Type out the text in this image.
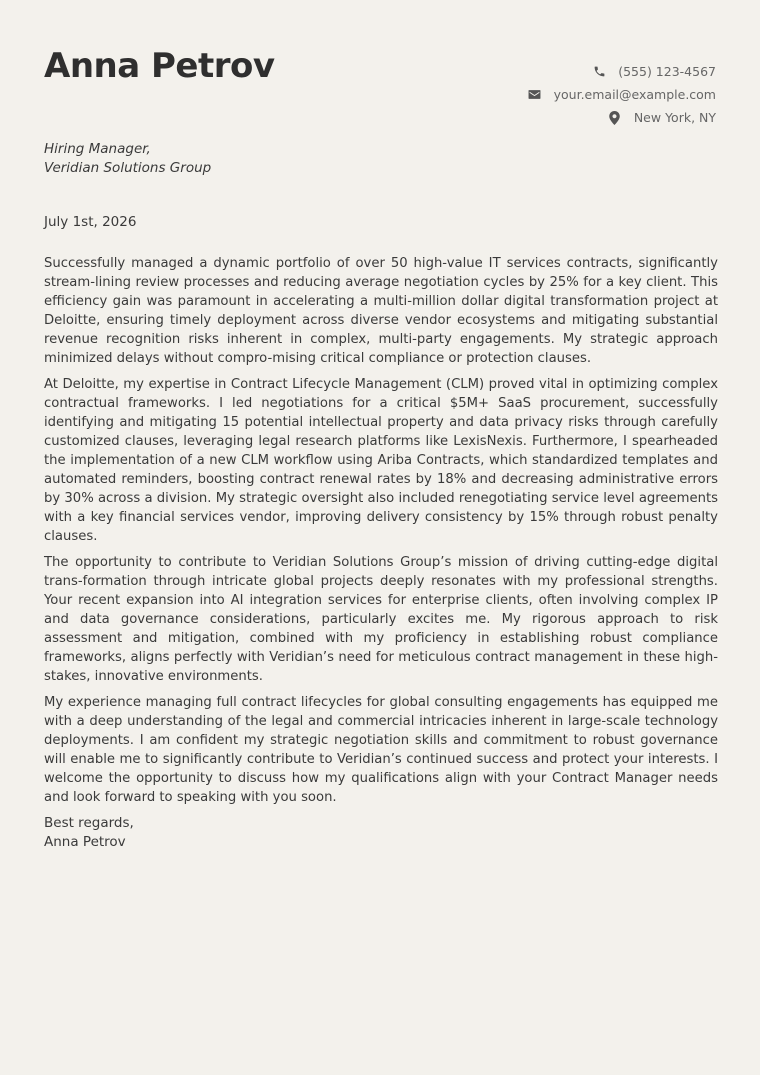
Anna Petrov	(555) 123-4567
your.email@example.com
New York, NY
Hiring Manager,
Veridian Solutions Group
July 1st, 2026

Successfully managed a dynamic portfolio of over 50 high-value IT services contracts, significantly stream-lining review processes and reducing average negotiation cycles by 25% for a key client. This efficiency gain was paramount in accelerating a multi-million dollar digital transformation project at Deloitte, ensuring timely deployment across diverse vendor ecosystems and mitigating substantial revenue recognition risks inherent in complex, multi-party engagements. My strategic approach minimized delays without compro-mising critical compliance or protection clauses.

At Deloitte, my expertise in Contract Lifecycle Management (CLM) proved vital in optimizing complex contractual frameworks. I led negotiations for a critical $5M+ SaaS procurement, successfully identifying and mitigating 15 potential intellectual property and data privacy risks through carefully customized clauses, leveraging legal research platforms like LexisNexis. Furthermore, I spearheaded the implementation of a new CLM workflow using Ariba Contracts, which standardized templates and automated reminders, boosting contract renewal rates by 18% and decreasing administrative errors by 30% across a division. My strategic oversight also included renegotiating service level agreements with a key financial services vendor, improving delivery consistency by 15% through robust penalty clauses.

The opportunity to contribute to Veridian Solutions Group’s mission of driving cutting-edge digital trans-formation through intricate global projects deeply resonates with my professional strengths. Your recent expansion into AI integration services for enterprise clients, often involving complex IP and data governance considerations, particularly excites me. My rigorous approach to risk assessment and mitigation, combined with my proficiency in establishing robust compliance frameworks, aligns perfectly with Veridian’s need for meticulous contract management in these high-stakes, innovative environments.

My experience managing full contract lifecycles for global consulting engagements has equipped me with a deep understanding of the legal and commercial intricacies inherent in large-scale technology deployments. I am confident my strategic negotiation skills and commitment to robust governance will enable me to significantly contribute to Veridian’s continued success and protect your interests. I welcome the opportunity to discuss how my qualifications align with your Contract Manager needs and look forward to speaking with you soon.

Best regards,
Anna Petrov
